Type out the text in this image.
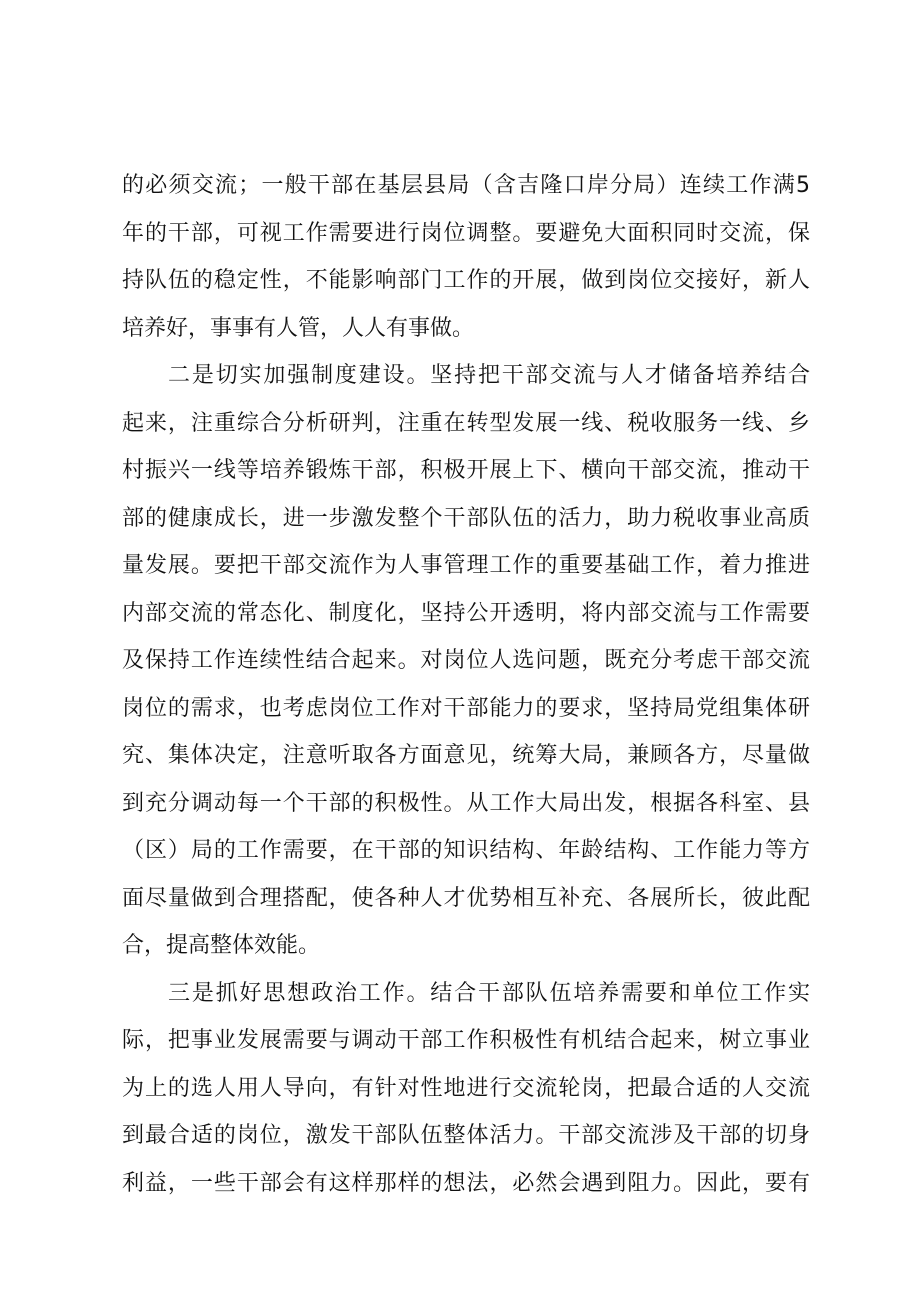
的必须交流；一般干部在基层县局（含吉隆口岸分局）连续工作满5
年的干部，可视工作需要进行岗位调整。要避免大面积同时交流，保
持队伍的稳定性，不能影响部门工作的开展，做到岗位交接好，新人
培养好，事事有人管，人人有事做。
二是切实加强制度建设。坚持把干部交流与人才储备培养结合
起来，注重综合分析研判，注重在转型发展一线、税收服务一线、乡
村振兴一线等培养锻炼干部，积极开展上下、横向干部交流，推动干
部的健康成长，进一步激发整个干部队伍的活力，助力税收事业高质
量发展。要把干部交流作为人事管理工作的重要基础工作，着力推进
内部交流的常态化、制度化，坚持公开透明，将内部交流与工作需要
及保持工作连续性结合起来。对岗位人选问题，既充分考虑干部交流
岗位的需求，也考虑岗位工作对干部能力的要求，坚持局党组集体研
究、集体决定，注意听取各方面意见，统筹大局，兼顾各方，尽量做
到充分调动每一个干部的积极性。从工作大局出发，根据各科室、县
（区）局的工作需要，在干部的知识结构、年龄结构、工作能力等方
面尽量做到合理搭配，使各种人才优势相互补充、各展所长，彼此配
合，提高整体效能。
三是抓好思想政治工作。结合干部队伍培养需要和单位工作实
际，把事业发展需要与调动干部工作积极性有机结合起来，树立事业
为上的选人用人导向，有针对性地进行交流轮岗，把最合适的人交流
到最合适的岗位，激发干部队伍整体活力。干部交流涉及干部的切身
利益，一些干部会有这样那样的想法，必然会遇到阻力。因此，要有
